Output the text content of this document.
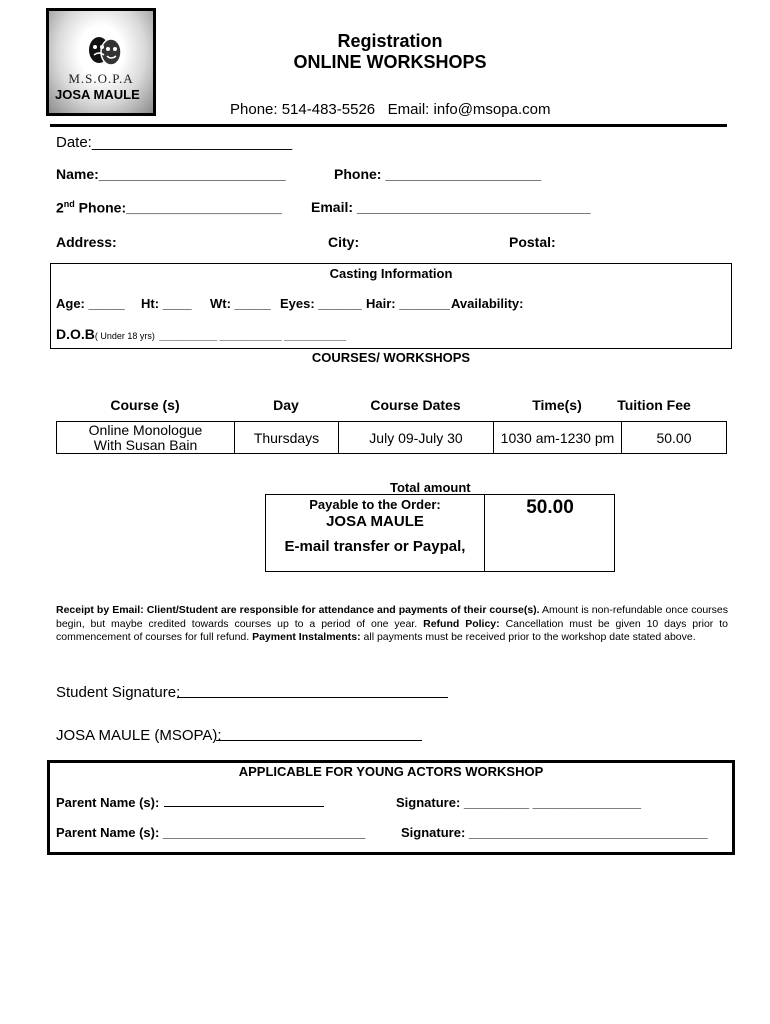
M.S.O.P.A
JOSA MAULE
Registration
ONLINE WORKSHOPS
Phone: 514-483-5526 Email: info@msopa.com
Date:________________________
Name:________________________	Phone: ____________________
2nd Phone:____________________ Email: ______________________________
Address:	City:	Postal:
Casting Information
Age: _____ Ht: ____ Wt: _____ Eyes: ______ Hair: _______ Availability:
D.O.B( Under 18 yrs) _____________ ______________ ______________
COURSES/ WORKSHOPS
Course (s)	Day	Course Dates	Time(s)	Tuition Fee
Online Monologue
With Susan Bain	Thursdays	July 09-July 30	1030 am-1230 pm	50.00
Total amount
Payable to the Order:
JOSA MAULE
E-mail transfer or Paypal,
50.00
Receipt by Email: Client/Student are responsible for attendance and payments of their course(s). Amount is non-refundable once courses begin, but maybe credited towards courses up to a period of one year. Refund Policy: Cancellation must be given 10 days prior to commencement of courses for full refund. Payment Instalments: all payments must be received prior to the workshop date stated above.
Student Signature:
JOSA MAULE (MSOPA):
APPLICABLE FOR YOUNG ACTORS WORKSHOP
Parent Name (s):	Signature: _________ _______________
Parent Name (s): ____________________________	Signature: _________________________________
